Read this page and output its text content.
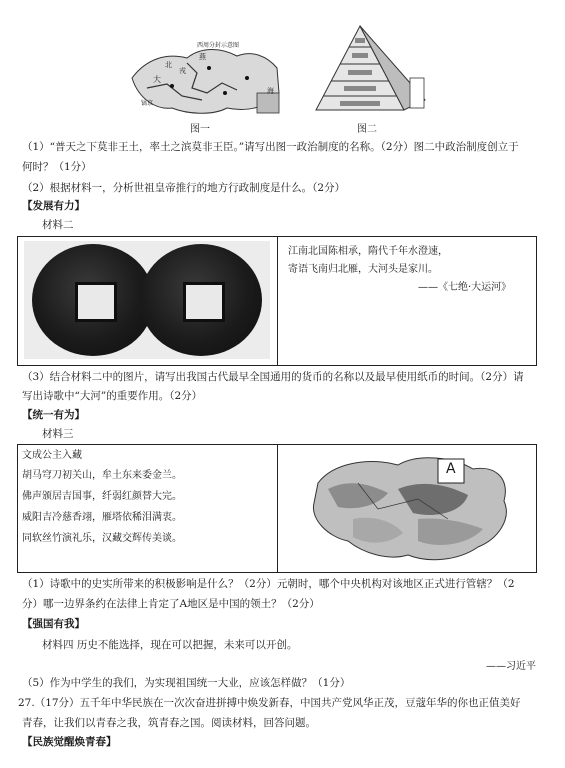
西周分封示意图
大
燕
戎
北
镐京
海
图一	图二
（1）“普天之下莫非王土，率土之滨莫非王臣。”请写出图一政治制度的名称。（2分）图二中政治制度创立于
何时？（1分）
（2）根据材料一，分析世祖皇帝推行的地方行政制度是什么。（2分）
【发展有力】
材料二
江南北国陈相承，隋代千年水澄速，
寄语飞南归北雁，大河头是家川。
——《七绝·大运河》
（3）结合材料二中的图片，请写出我国古代最早全国通用的货币的名称以及最早使用纸币的时间。（2分）请
写出诗歌中“大河”的重要作用。（2分）
【统一有为】
材料三
文成公主入藏
胡马穹刀初关山，牟土东来委金兰。
佛声颁居吉国事，纤弱红颜替大完。
威阳吉冷慈香翊，雁塔依稀泪满衷。
同软丝竹演礼乐，汉藏交辉传美谈。
A
（1）诗歌中的史实所带来的积极影响是什么？（2分）元朝时，哪个中央机构对该地区正式进行管辖？（2
分）哪一边界条约在法律上肯定了A地区是中国的领土？（2分）
【强国有我】
材料四 历史不能选择，现在可以把握，未来可以开创。
——习近平
（5）作为中学生的我们，为实现祖国统一大业，应该怎样做？（1分）
27.（17分）五千年中华民族在一次次奋进拼搏中焕发新春，中国共产党风华正茂，豆蔻年华的你也正值美好
青春，让我们以青春之我，筑青春之国。阅读材料，回答问题。
【民族觉醒焕青春】
